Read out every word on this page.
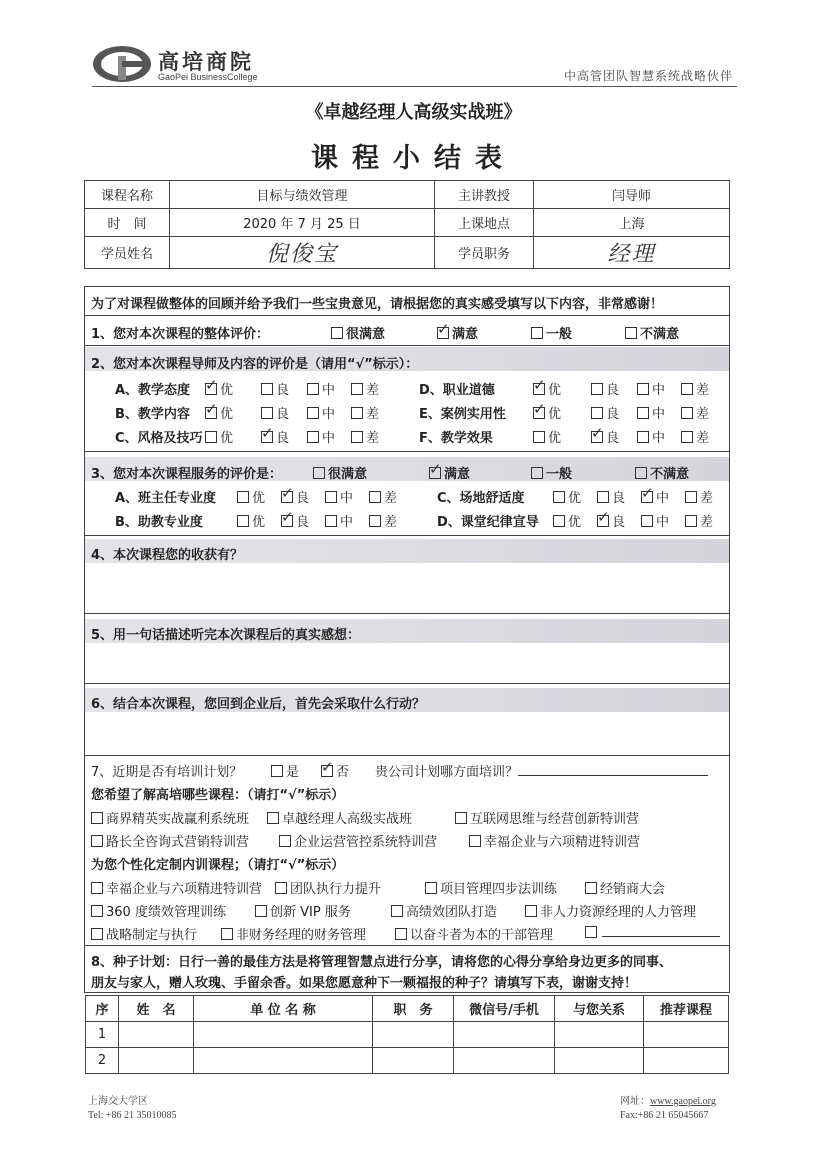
高培商院
GaoPei BusinessCollege	中高管团队智慧系统战略伙伴
《卓越经理人高级实战班》
课程小结表
课程名称	目标与绩效管理	主讲教授	闫导师
时　间	2020 年 7 月 25 日	上课地点	上海
学员姓名	倪俊宝	学员职务	经理
为了对课程做整体的回顾并给予我们一些宝贵意见，请根据您的真实感受填写以下内容，非常感谢！
1、您对本次课程的整体评价：	很满意 ✓	满意	一般	不满意
2、您对本次课程导师及内容的评价是（请用“√”标示）：
A、教学态度 ✓	优	良	中	差	D、职业道德 ✓	优	良	中	差
B、教学内容 ✓	优	良	中	差	E、案例实用性 ✓	优	良	中	差
C、风格及技巧	优 ✓	良	中	差	F、教学效果	优 ✓	良	中	差
3、您对本次课程服务的评价是：	很满意 ✓	满意	一般	不满意
A、班主任专业度	优 ✓	良	中	差	C、场地舒适度	优	良 ✓	中	差
B、助教专业度	优 ✓	良	中	差	D、课堂纪律宣导	优 ✓	良	中	差
4、本次课程您的收获有？
5、用一句话描述听完本次课程后的真实感想：
6、结合本次课程，您回到企业后，首先会采取什么行动？
7、近期是否有培训计划？	是 ✓	否 贵公司计划哪方面培训？
您希望了解高培哪些课程：（请打“√”标示）
商界精英实战赢利系统班	卓越经理人高级实战班	互联网思维与经营创新特训营
路长全咨询式营销特训营	企业运营管控系统特训营	幸福企业与六项精进特训营
为您个性化定制内训课程；（请打“√”标示）
幸福企业与六项精进特训营	团队执行力提升	项目管理四步法训练	经销商大会
360 度绩效管理训练	创新 VIP 服务	高绩效团队打造	非人力资源经理的人力管理
战略制定与执行	非财务经理的财务管理	以奋斗者为本的干部管理
8、种子计划：日行一善的最佳方法是将管理智慧点进行分享，请将您的心得分享给身边更多的同事、
朋友与家人，赠人玫瑰、手留余香。如果您愿意种下一颗福报的种子？请填写下表，谢谢支持！
序	姓　名	单 位 名 称	职　务	微信号/手机	与您关系	推荐课程
1						
2						
上海交大学区
Tel: +86 21 35010085
网址：www.gaopei.org
Fax:+86 21 65045667
